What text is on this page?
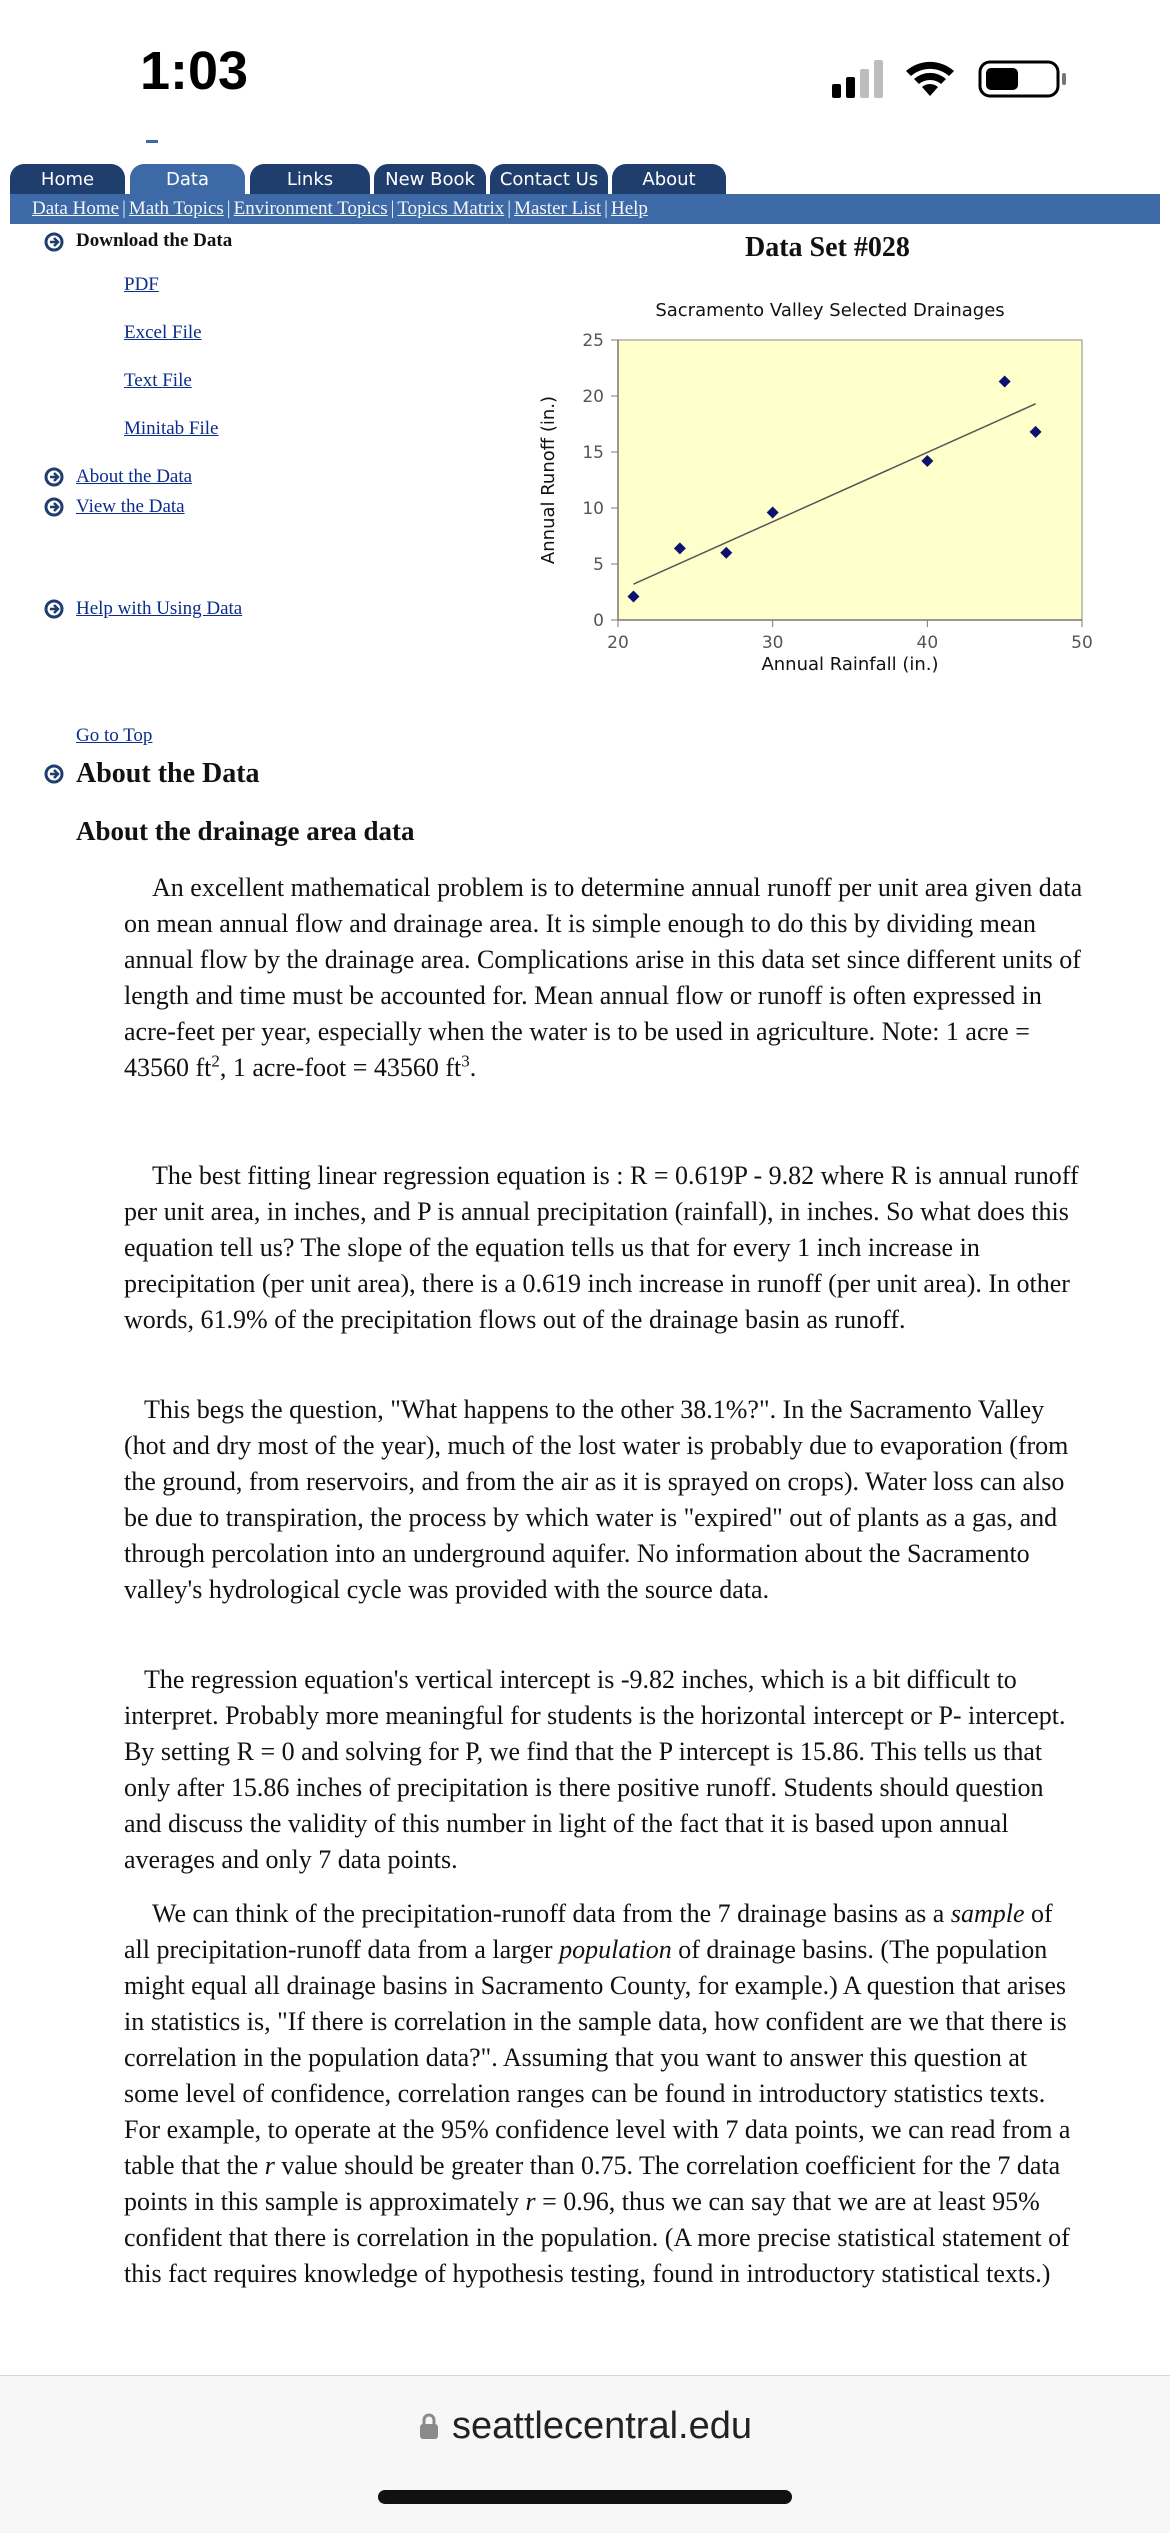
1:03
Home	Data	Links	New Book	Contact Us	About
Data Home | Math Topics | Environment Topics | Topics Matrix | Master List | Help
Download the Data
PDF
Excel File
Text File
Minitab File
About the Data
View the Data
Help with Using Data
Data Set #028
Sacramento Valley Selected Drainages
20	30	40	50
0
5
10
15
20
25
Annual Rainfall (in.)
Annual Runoff (in.)
Go to Top
About the Data
About the drainage area data
An excellent mathematical problem is to determine annual runoff per unit area given data on mean annual flow and drainage area. It is simple enough to do this by dividing mean annual flow by the drainage area. Complications arise in this data set since different units of length and time must be accounted for. Mean annual flow or runoff is often expressed in acre-feet per year, especially when the water is to be used in agriculture. Note: 1 acre = 43560 $ft^2$, 1 acre-foot = 43560 $ft^3$.
The best fitting linear regression equation is : R = 0.619P - 9.82 where R is annual runoff per unit area, in inches, and P is annual precipitation (rainfall), in inches. So what does this equation tell us? The slope of the equation tells us that for every 1 inch increase in precipitation (per unit area), there is a 0.619 inch increase in runoff (per unit area). In other words, 61.9% of the precipitation flows out of the drainage basin as runoff.
This begs the question, "What happens to the other 38.1%?". In the Sacramento Valley (hot and dry most of the year), much of the lost water is probably due to evaporation (from the ground, from reservoirs, and from the air as it is sprayed on crops). Water loss can also be due to transpiration, the process by which water is "expired" out of plants as a gas, and through percolation into an underground aquifer. No information about the Sacramento valley's hydrological cycle was provided with the source data.
The regression equation's vertical intercept is -9.82 inches, which is a bit difficult to interpret. Probably more meaningful for students is the horizontal intercept or P- intercept. By setting R = 0 and solving for P, we find that the P intercept is 15.86. This tells us that only after 15.86 inches of precipitation is there positive runoff. Students should question and discuss the validity of this number in light of the fact that it is based upon annual averages and only 7 data points.
We can think of the precipitation-runoff data from the 7 drainage basins as a sample of all precipitation-runoff data from a larger population of drainage basins. (The population might equal all drainage basins in Sacramento County, for example.) A question that arises in statistics is, "If there is correlation in the sample data, how confident are we that there is correlation in the population data?". Assuming that you want to answer this question at some level of confidence, correlation ranges can be found in introductory statistics texts. For example, to operate at the 95% confidence level with 7 data points, we can read from a table that the r value should be greater than 0.75. The correlation coefficient for the 7 data points in this sample is approximately r = 0.96, thus we can say that we are at least 95% confident that there is correlation in the population. (A more precise statistical statement of this fact requires knowledge of hypothesis testing, found in introductory statistical texts.)
seattlecentral.edu
